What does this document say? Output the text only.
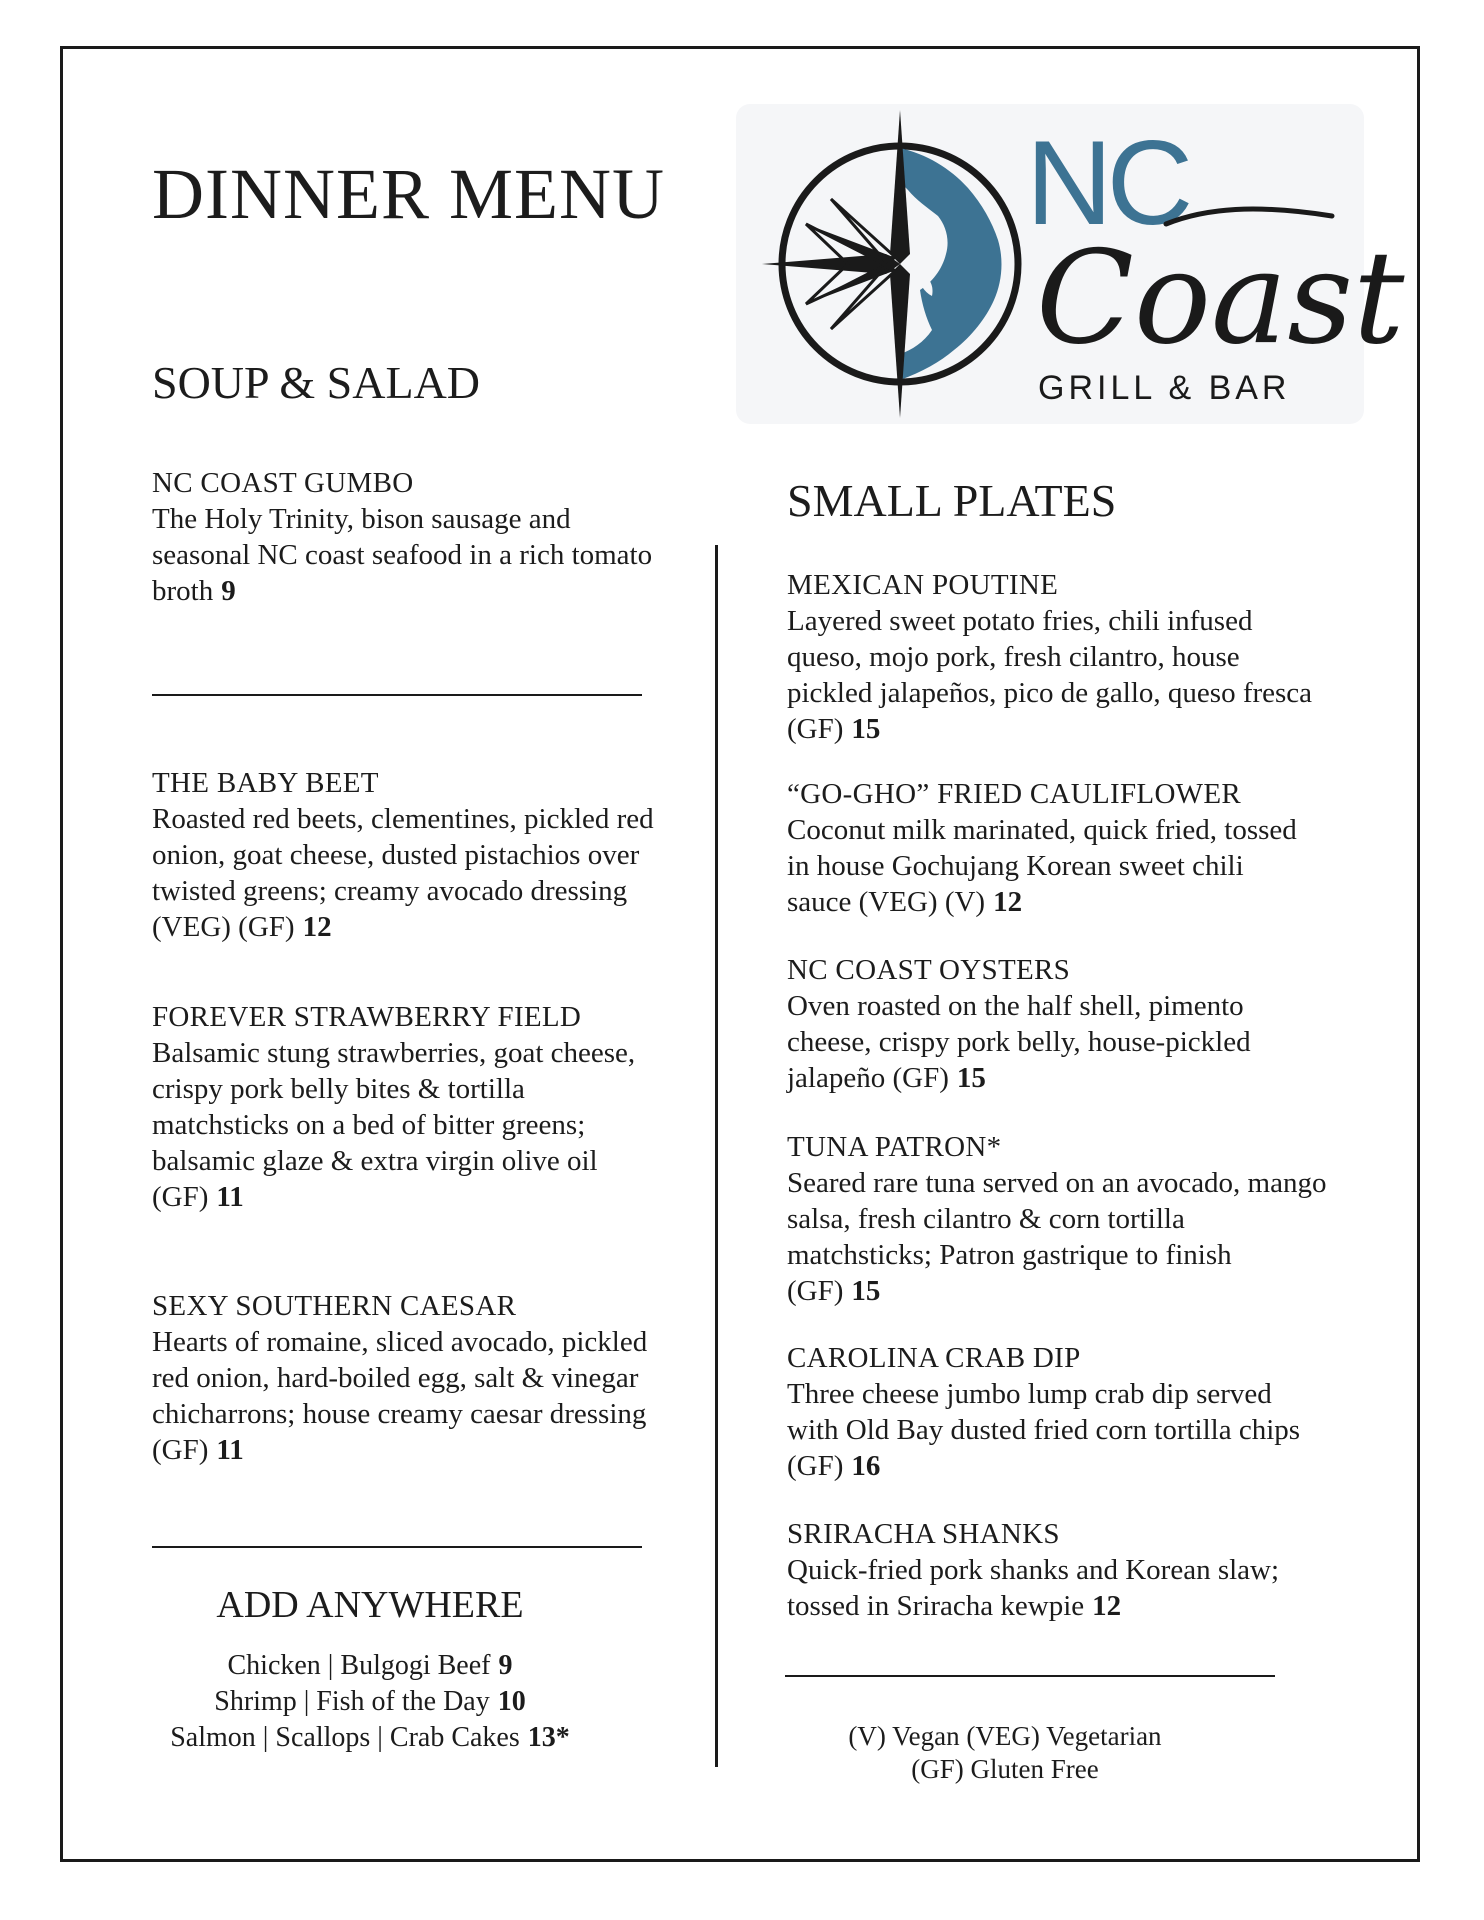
DINNER MENU	NC
Coast
GRILL & BAR
SOUP & SALAD
NC COAST GUMBO
The Holy Trinity, bison sausage and seasonal NC coast seafood in a rich tomato broth 9
THE BABY BEET
Roasted red beets, clementines, pickled red onion, goat cheese, dusted pistachios over twisted greens; creamy avocado dressing (VEG) (GF) 12
FOREVER STRAWBERRY FIELD
Balsamic stung strawberries, goat cheese, crispy pork belly bites & tortilla matchsticks on a bed of bitter greens; balsamic glaze & extra virgin olive oil (GF) 11
SEXY SOUTHERN CAESAR
Hearts of romaine, sliced avocado, pickled red onion, hard-boiled egg, salt & vinegar chicharrons; house creamy caesar dressing (GF) 11
ADD ANYWHERE
Chicken | Bulgogi Beef 9
Shrimp | Fish of the Day 10
Salmon | Scallops | Crab Cakes 13*
SMALL PLATES
MEXICAN POUTINE
Layered sweet potato fries, chili infused queso, mojo pork, fresh cilantro, house pickled jalapeños, pico de gallo, queso fresca (GF) 15
“GO-GHO” FRIED CAULIFLOWER
Coconut milk marinated, quick fried, tossed in house Gochujang Korean sweet chili sauce (VEG) (V) 12
NC COAST OYSTERS
Oven roasted on the half shell, pimento cheese, crispy pork belly, house-pickled jalapeño (GF) 15
TUNA PATRON*
Seared rare tuna served on an avocado, mango salsa, fresh cilantro & corn tortilla matchsticks; Patron gastrique to finish (GF) 15
CAROLINA CRAB DIP
Three cheese jumbo lump crab dip served with Old Bay dusted fried corn tortilla chips (GF) 16
SRIRACHA SHANKS
Quick-fried pork shanks and Korean slaw; tossed in Sriracha kewpie 12
(V) Vegan (VEG) Vegetarian
(GF) Gluten Free
